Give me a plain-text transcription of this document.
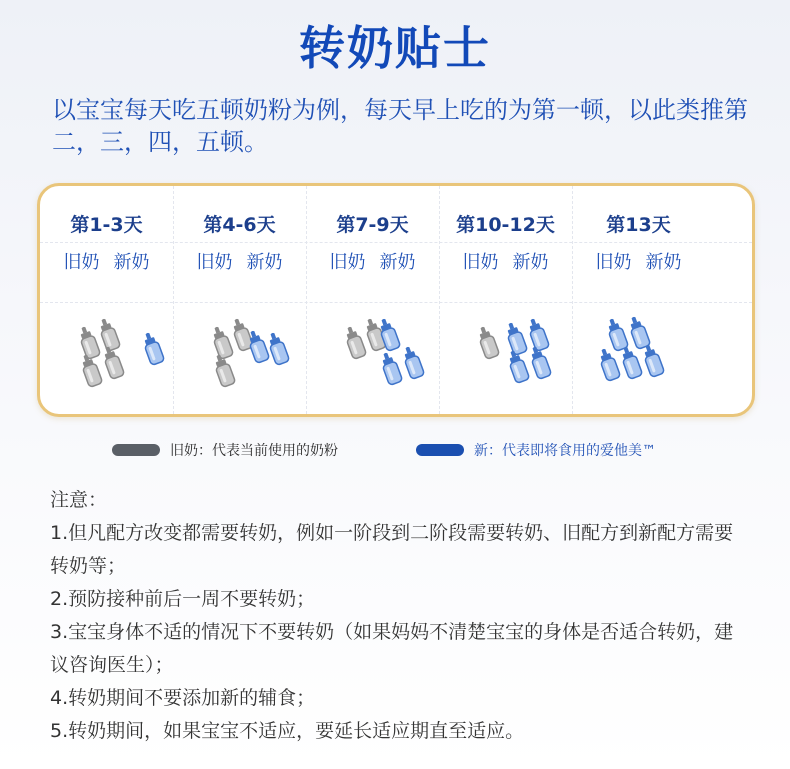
转奶贴士
以宝宝每天吃五顿奶粉为例，每天早上吃的为第一顿，以此类推第二，三，四，五顿。
第1-3天
旧奶 新奶
第4-6天
旧奶 新奶
第7-9天
旧奶 新奶
第10-12天
旧奶 新奶
第13天
旧奶 新奶
旧奶：代表当前使用的奶粉	新：代表即将食用的爱他美™
注意：
1.但凡配方改变都需要转奶，例如一阶段到二阶段需要转奶、旧配方到新配方需要转奶等；
2.预防接种前后一周不要转奶；
3.宝宝身体不适的情况下不要转奶（如果妈妈不清楚宝宝的身体是否适合转奶，建议咨询医生）；
4.转奶期间不要添加新的辅食；
5.转奶期间，如果宝宝不适应，要延长适应期直至适应。
